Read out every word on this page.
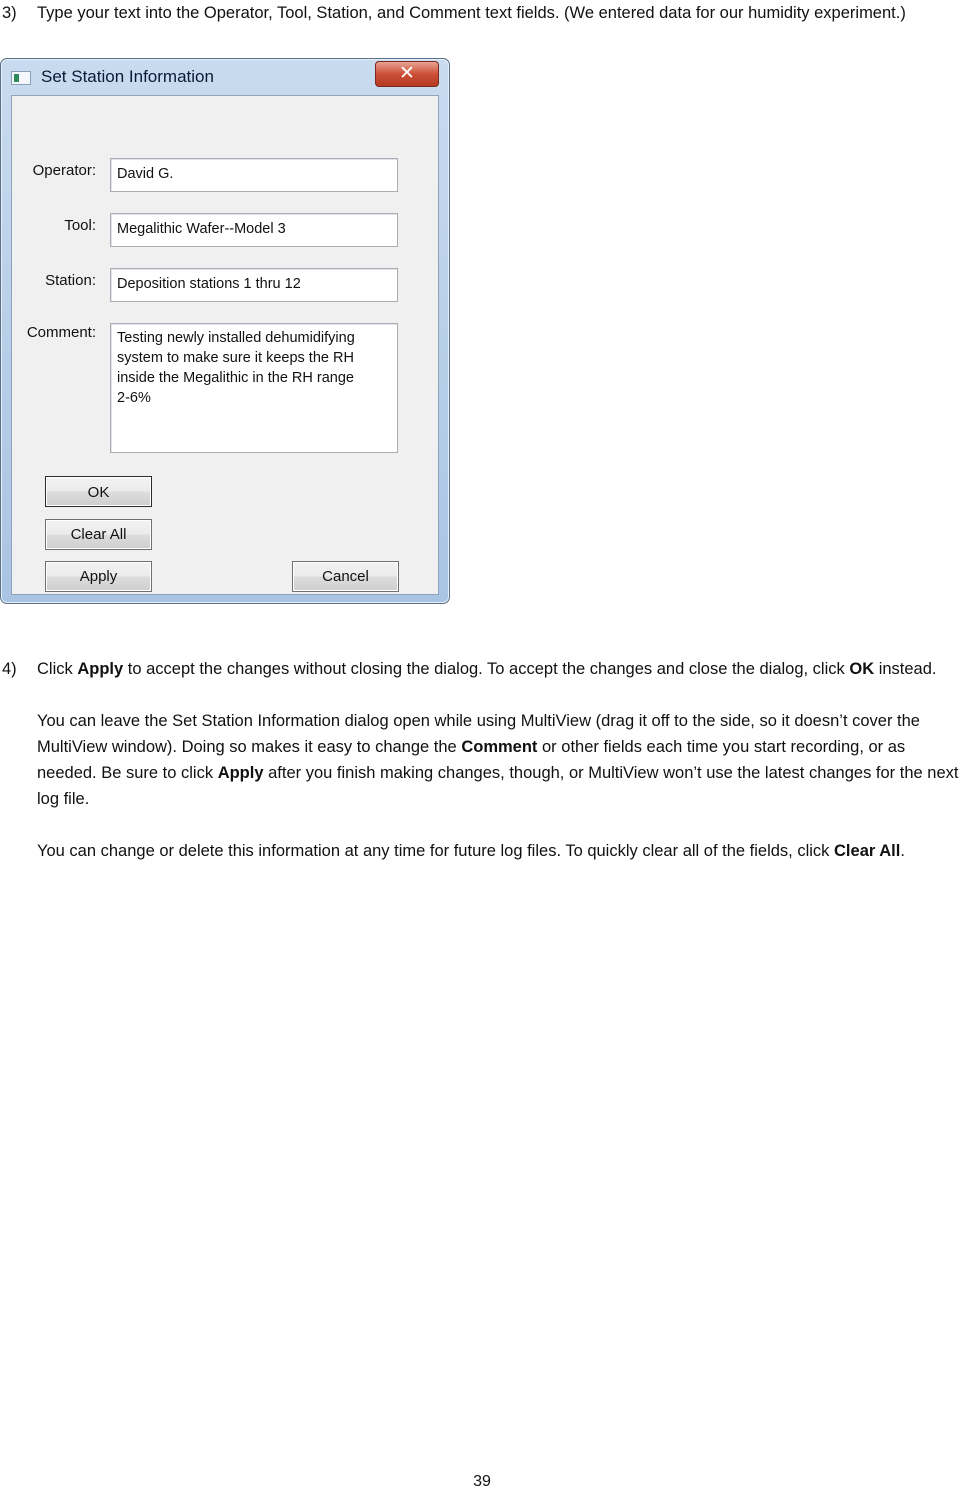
3) Type your text into the Operator, Tool, Station, and Comment text fields. (We entered data for our humidity experiment.)

Set Station Information	✕
Operator:	David G.
Tool:	Megalithic Wafer--Model 3
Station:	Deposition stations 1 thru 12
Comment:	Testing newly installed dehumidifying
system to make sure it keeps the RH
inside the Megalithic in the RH range
2-6%
OK
Clear All
Apply	Cancel
4) Click Apply to accept the changes without closing the dialog. To accept the changes and close the dialog, click OK instead.

You can leave the Set Station Information dialog open while using MultiView (drag it off to the side, so it doesn’t cover the MultiView window). Doing so makes it easy to change the Comment or other fields each time you start recording, or as needed. Be sure to click Apply after you finish making changes, though, or MultiView won’t use the latest changes for the next log file.

You can change or delete this information at any time for future log files. To quickly clear all of the fields, click Clear All.

39
